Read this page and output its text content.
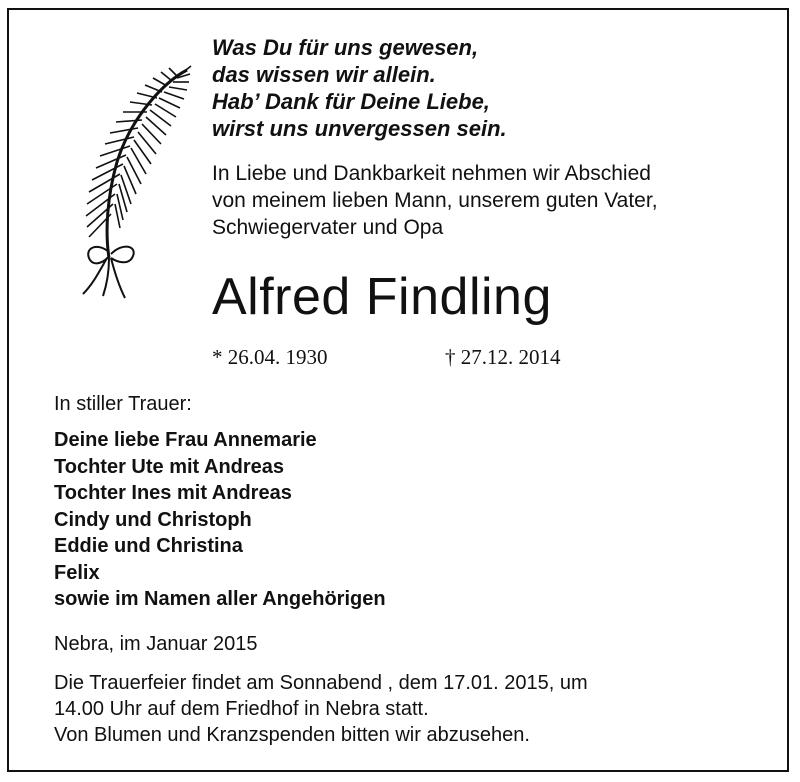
Was Du für uns gewesen,
das wissen wir allein.
Hab’ Dank für Deine Liebe,
wirst uns unvergessen sein.
In Liebe und Dankbarkeit nehmen wir Abschied
von meinem lieben Mann, unserem guten Vater,
Schwiegervater und Opa
Alfred Findling
* 26.04. 1930	† 27.12. 2014
In stiller Trauer:
Deine liebe Frau Annemarie
Tochter Ute mit Andreas
Tochter Ines mit Andreas
Cindy und Christoph
Eddie und Christina
Felix
sowie im Namen aller Angehörigen
Nebra, im Januar 2015
Die Trauerfeier findet am Sonnabend , dem 17.01. 2015, um
14.00 Uhr auf dem Friedhof in Nebra statt.
Von Blumen und Kranzspenden bitten wir abzusehen.
